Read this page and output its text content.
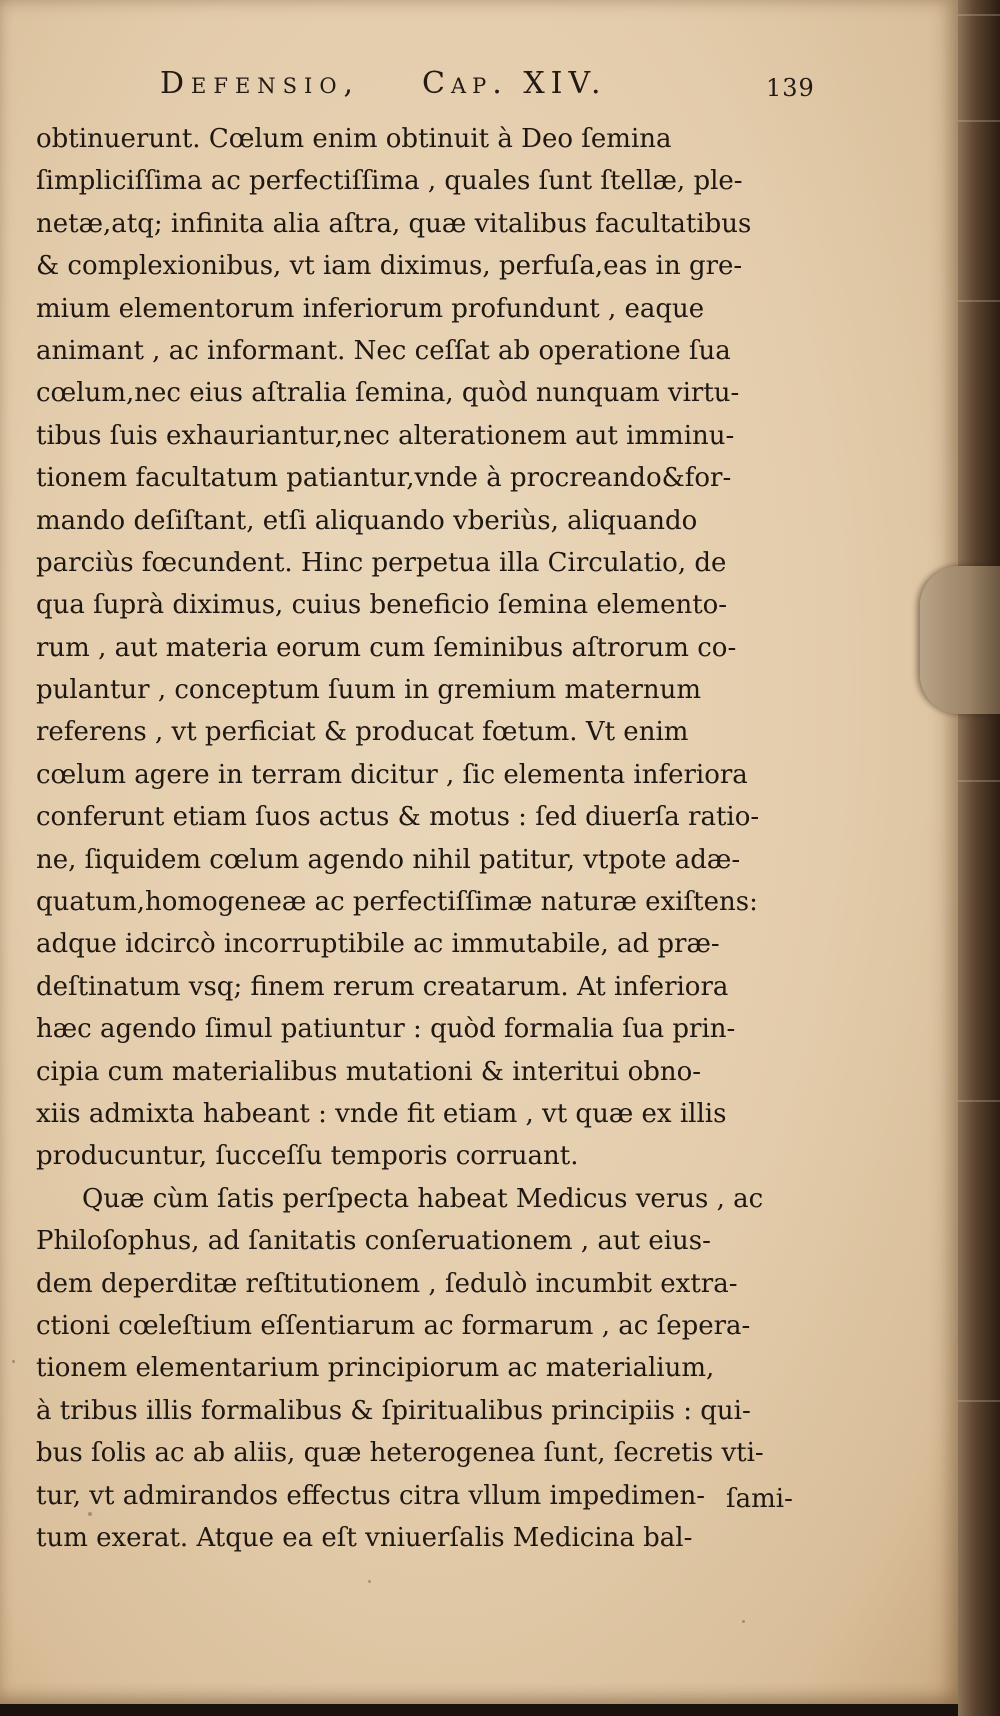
Defensio, Cap. XIV.	139
obtinuerunt. Cœlum enim obtinuit à Deo ſemina
ſimpliciſſima ac perfectiſſima , quales ſunt ſtellæ, ple-
netæ,atq; infinita alia aſtra, quæ vitalibus facultatibus
& complexionibus, vt iam diximus, perfuſa,eas in gre-
mium elementorum inferiorum profundunt , eaque
animant , ac informant. Nec ceſſat ab operatione ſua
cœlum,nec eius aſtralia ſemina, quòd nunquam virtu-
tibus ſuis exhauriantur,nec alterationem aut imminu-
tionem facultatum patiantur,vnde à procreando&for-
mando deſiſtant, etſi aliquando vberiùs, aliquando
parciùs fœcundent. Hinc perpetua illa Circulatio, de
qua ſuprà diximus, cuius beneficio ſemina elemento-
rum , aut materia eorum cum ſeminibus aſtrorum co-
pulantur , conceptum ſuum in gremium maternum
referens , vt perficiat & producat fœtum. Vt enim
cœlum agere in terram dicitur , ſic elementa inferiora
conferunt etiam ſuos actus & motus : ſed diuerſa ratio-
ne, ſiquidem cœlum agendo nihil patitur, vtpote adæ-
quatum,homogeneæ ac perfectiſſimæ naturæ exiſtens:
adque idcircò incorruptibile ac immutabile, ad præ-
deſtinatum vsq; finem rerum creatarum. At inferiora
hæc agendo ſimul patiuntur : quòd formalia ſua prin-
cipia cum materialibus mutationi & interitui obno-
xiis admixta habeant : vnde fit etiam , vt quæ ex illis
producuntur, ſucceſſu temporis corruant.
Quæ cùm ſatis perſpecta habeat Medicus verus , ac
Philoſophus, ad ſanitatis conſeruationem , aut eius-
dem deperditæ reſtitutionem , ſedulò incumbit extra-
ctioni cœleſtium eſſentiarum ac formarum , ac ſepera-
tionem elementarium principiorum ac materialium,
à tribus illis formalibus & ſpiritualibus principiis : qui-
bus ſolis ac ab aliis, quæ heterogenea ſunt, ſecretis vti-
tur, vt admirandos effectus citra vllum impedimen-
tum exerat. Atque ea eſt vniuerſalis Medicina bal-
ſami-
